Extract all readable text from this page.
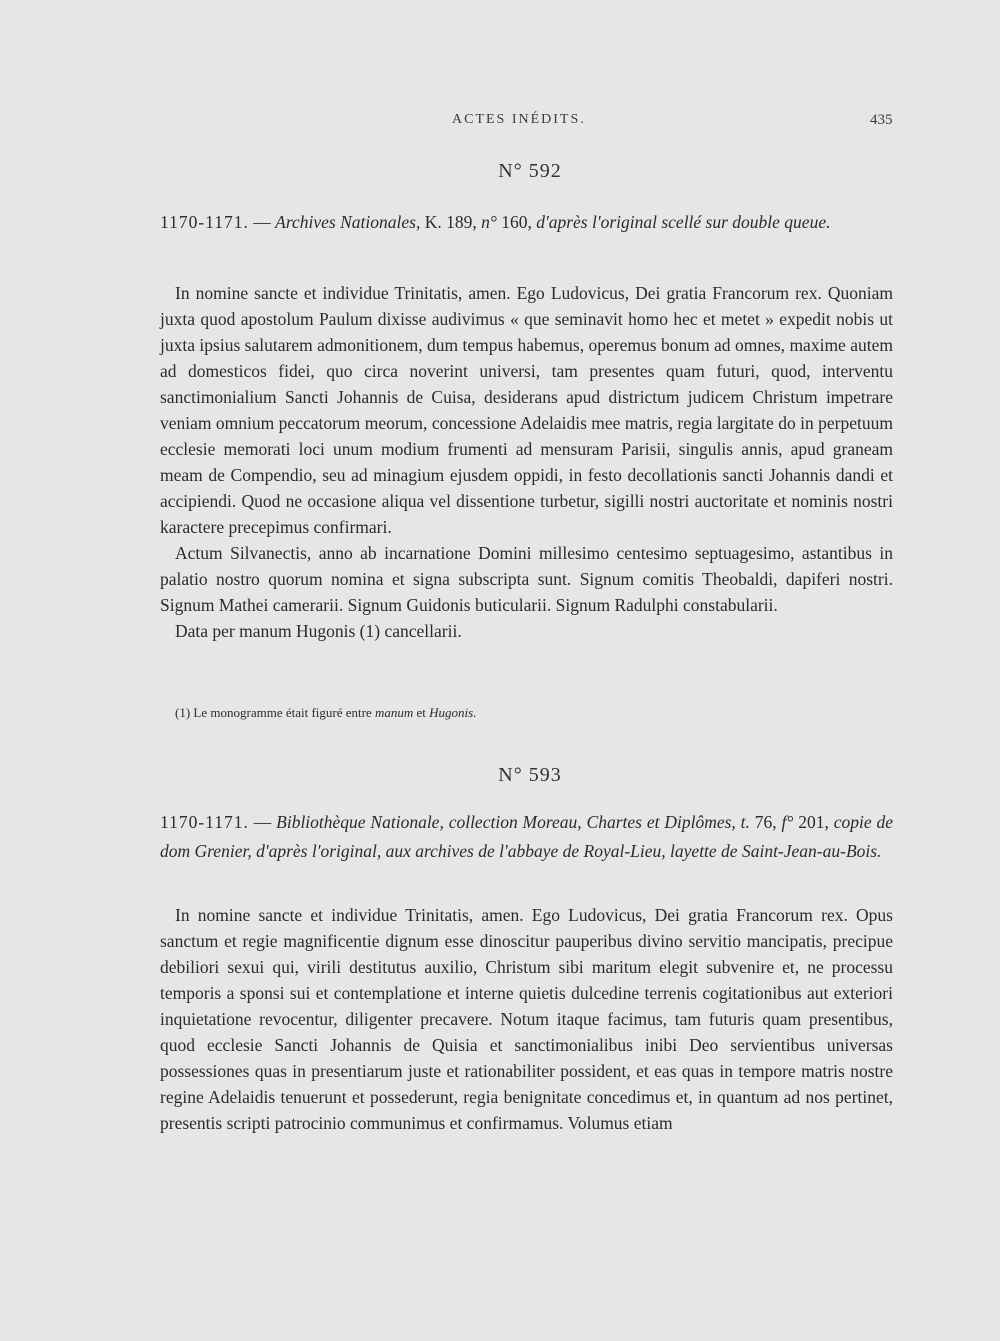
ACTES INÉDITS.	435
N° 592
1170-1171. — Archives Nationales, K. 189, n° 160, d'après l'original scellé sur double queue.

In nomine sancte et individue Trinitatis, amen. Ego Ludovicus, Dei gratia Francorum rex. Quoniam juxta quod apostolum Paulum dixisse audivimus « que seminavit homo hec et metet » expedit nobis ut juxta ipsius salutarem admonitionem, dum tempus habemus, operemus bonum ad omnes, maxime autem ad domesticos fidei, quo circa noverint universi, tam presentes quam futuri, quod, interventu sanctimonialium Sancti Johannis de Cuisa, desiderans apud districtum judicem Christum impetrare veniam omnium peccatorum meorum, concessione Adelaidis mee matris, regia largitate do in perpetuum ecclesie memorati loci unum modium frumenti ad mensuram Parisii, singulis annis, apud graneam meam de Compendio, seu ad minagium ejusdem oppidi, in festo decollationis sancti Johannis dandi et accipiendi. Quod ne occasione aliqua vel dissentione turbetur, sigilli nostri auctoritate et nominis nostri karactere precepimus confirmari.

Actum Silvanectis, anno ab incarnatione Domini millesimo centesimo septuagesimo, astantibus in palatio nostro quorum nomina et signa subscripta sunt. Signum comitis Theobaldi, dapiferi nostri. Signum Mathei camerarii. Signum Guidonis buticularii. Signum Radulphi constabularii.

Data per manum Hugonis (1) cancellarii.

(1) Le monogramme était figuré entre manum et Hugonis.
N° 593
1170-1171. — Bibliothèque Nationale, collection Moreau, Chartes et Diplômes, t. 76, f° 201, copie de dom Grenier, d'après l'original, aux archives de l'abbaye de Royal-Lieu, layette de Saint-Jean-au-Bois.

In nomine sancte et individue Trinitatis, amen. Ego Ludovicus, Dei gratia Francorum rex. Opus sanctum et regie magnificentie dignum esse dinoscitur pauperibus divino servitio mancipatis, precipue debiliori sexui qui, virili destitutus auxilio, Christum sibi maritum elegit subvenire et, ne processu temporis a sponsi sui et contemplatione et interne quietis dulcedine terrenis cogitationibus aut exteriori inquietatione revocentur, diligenter precavere. Notum itaque facimus, tam futuris quam presentibus, quod ecclesie Sancti Johannis de Quisia et sanctimonialibus inibi Deo servientibus universas possessiones quas in presentiarum juste et rationabiliter possident, et eas quas in tempore matris nostre regine Adelaidis tenuerunt et possederunt, regia benignitate concedimus et, in quantum ad nos pertinet, presentis scripti patrocinio communimus et confirmamus. Volumus etiam
